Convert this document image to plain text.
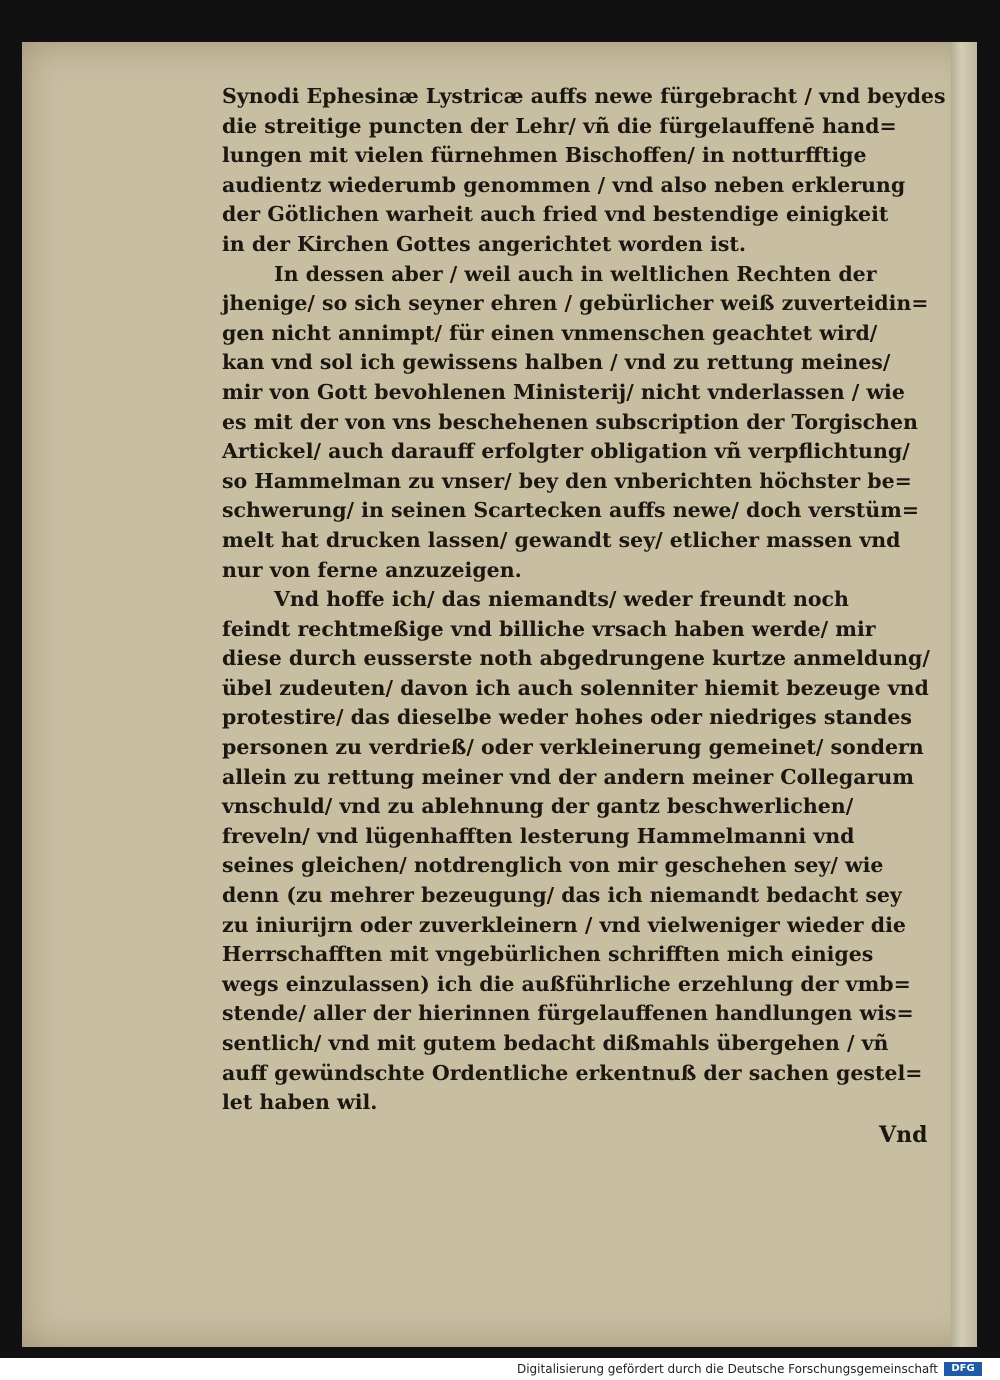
Synodi Ephesinæ Lystricæ auffs newe fürgebracht / vnd beydes
die streitige puncten der Lehr/ vñ die fürgelauffenē hand=
lungen mit vielen fürnehmen Bischoffen/ in notturfftige
audientz wiederumb genommen / vnd also neben erklerung
der Götlichen warheit auch fried vnd bestendige einigkeit
in der Kirchen Gottes angerichtet worden ist.
In dessen aber / weil auch in weltlichen Rechten der
jhenige/ so sich seyner ehren / gebürlicher weiß zuverteidin=
gen nicht annimpt/ für einen vnmenschen geachtet wird/
kan vnd sol ich gewissens halben / vnd zu rettung meines/
mir von Gott bevohlenen Ministerij/ nicht vnderlassen / wie
es mit der von vns beschehenen subscription der Torgischen
Artickel/ auch darauff erfolgter obligation vñ verpflichtung/
so Hammelman zu vnser/ bey den vnberichten höchster be=
schwerung/ in seinen Scartecken auffs newe/ doch verstüm=
melt hat drucken lassen/ gewandt sey/ etlicher massen vnd
nur von ferne anzuzeigen.
Vnd hoffe ich/ das niemandts/ weder freundt noch
feindt rechtmeßige vnd billiche vrsach haben werde/ mir
diese durch eusserste noth abgedrungene kurtze anmeldung/
übel zudeuten/ davon ich auch solenniter hiemit bezeuge vnd
protestire/ das dieselbe weder hohes oder niedriges standes
personen zu verdrieß/ oder verkleinerung gemeinet/ sondern
allein zu rettung meiner vnd der andern meiner Collegarum
vnschuld/ vnd zu ablehnung der gantz beschwerlichen/
freveln/ vnd lügenhafften lesterung Hammelmanni vnd
seines gleichen/ notdrenglich von mir geschehen sey/ wie
denn (zu mehrer bezeugung/ das ich niemandt bedacht sey
zu iniurijrn oder zuverkleinern / vnd vielweniger wieder die
Herrschafften mit vngebürlichen schrifften mich einiges
wegs einzulassen) ich die außführliche erzehlung der vmb=
stende/ aller der hierinnen fürgelauffenen handlungen wis=
sentlich/ vnd mit gutem bedacht dißmahls übergehen / vñ
auff gewündschte Ordentliche erkentnuß der sachen gestel=
let haben wil.
Vnd
Digitalisierung gefördert durch die Deutsche Forschungsgemeinschaft	DFG
